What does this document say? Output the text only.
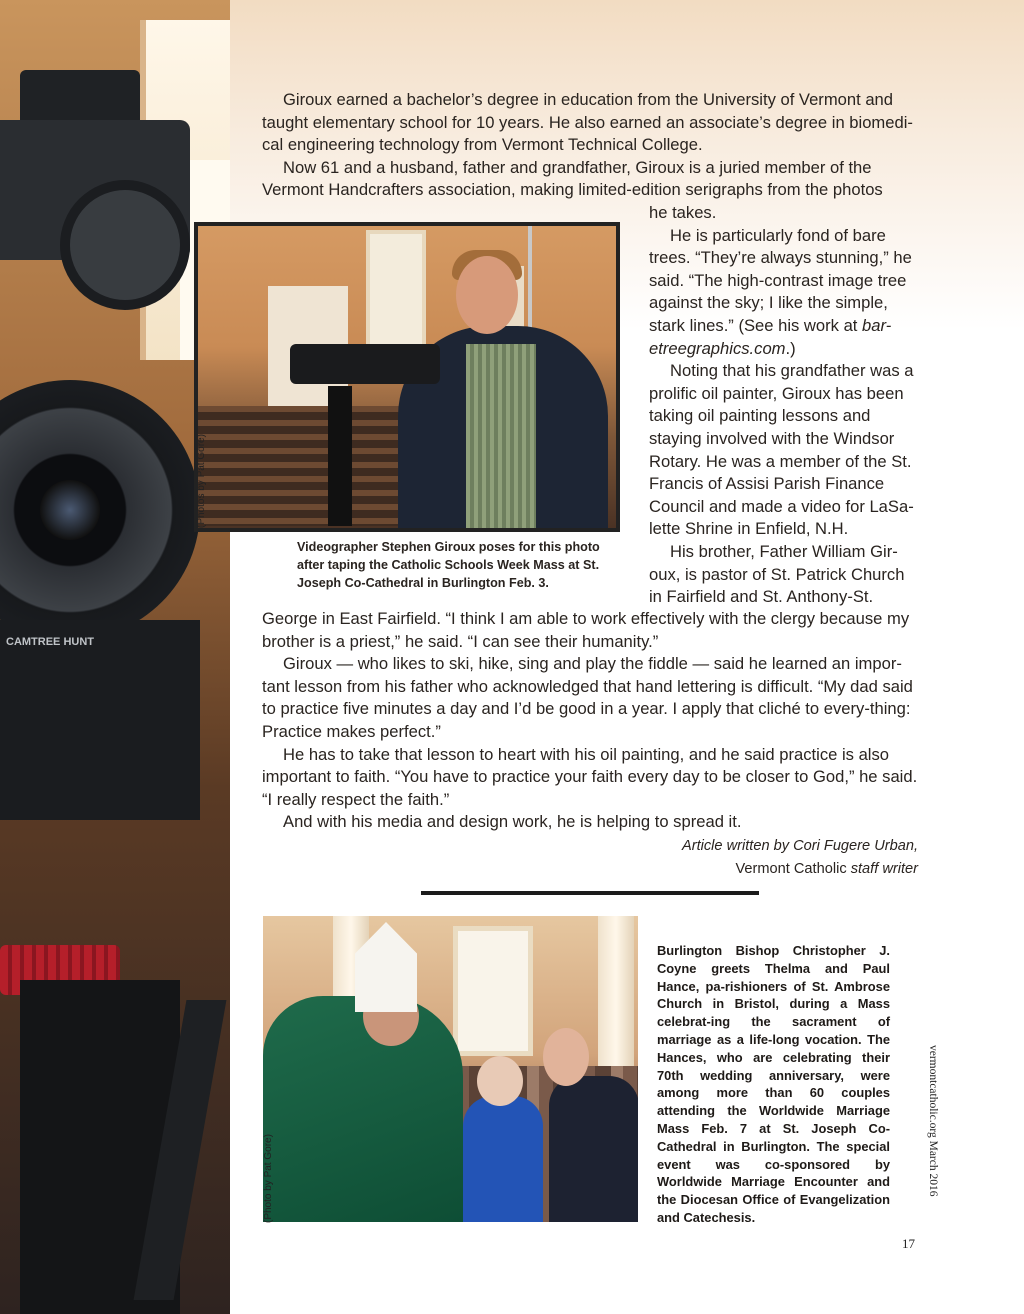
CAMTREE HUNT

Giroux earned a bachelor’s degree in education from the University of Vermont and taught elementary school for 10 years. He also earned an associate’s degree in biomedi-cal engineering technology from Vermont Technical College.

Now 61 and a husband, father and grandfather, Giroux is a juried member of the Vermont Handcrafters association, making limited-edition serigraphs from the photos

he takes.

He is particularly fond of bare trees. “They’re always stunning,” he said. “The high-contrast image tree against the sky; I like the simple, stark lines.” (See his work at bar-etreegraphics.com.)

Noting that his grandfather was a prolific oil painter, Giroux has been taking oil painting lessons and staying involved with the Windsor Rotary. He was a member of the St. Francis of Assisi Parish Finance Council and made a video for LaSa-lette Shrine in Enfield, N.H.

His brother, Father William Gir-oux, is pastor of St. Patrick Church in Fairfield and St. Anthony-St.

(Photos by Pat Gore)
Videographer Stephen Giroux poses for this photo after taping the Catholic Schools Week Mass at St. Joseph Co-Cathedral in Burlington Feb. 3.

George in East Fairfield. “I think I am able to work effectively with the clergy because my brother is a priest,” he said. “I can see their humanity.”

Giroux — who likes to ski, hike, sing and play the fiddle — said he learned an impor-tant lesson from his father who acknowledged that hand lettering is difficult. “My dad said to practice five minutes a day and I’d be good in a year. I apply that cliché to every-thing: Practice makes perfect.”

He has to take that lesson to heart with his oil painting, and he said practice is also important to faith. “You have to practice your faith every day to be closer to God,” he said. “I really respect the faith.”

And with his media and design work, he is helping to spread it.

Article written by Cori Fugere Urban,
Vermont Catholic staff writer
(Photo by Pat Gore)
Burlington Bishop Christopher J. Coyne greets Thelma and Paul Hance, pa-rishioners of St. Ambrose Church in Bristol, during a Mass celebrat-ing the sacrament of marriage as a life-long vocation. The Hances, who are celebrating their 70th wedding anniversary, were among more than 60 couples attending the Worldwide Marriage Mass Feb. 7 at St. Joseph Co-Cathedral in Burlington. The special event was co-sponsored by Worldwide Marriage Encounter and the Diocesan Office of Evangelization and Catechesis.
vermontcatholic.org March 2016
17
